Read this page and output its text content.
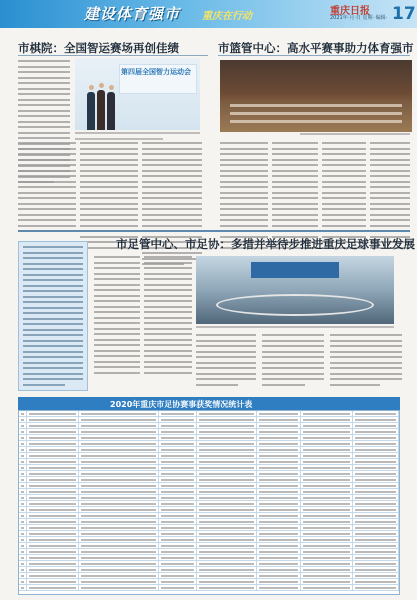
建设体育强市 重庆在行动	重庆日报
2021年·月·日 星期· 编辑· 17
市棋院：全国智运赛场再创佳绩
第四届全国智力运动会
市篮管中心：高水平赛事助力体育强市
市足管中心、市足协：多措并举待步推进重庆足球事业发展
2020年重庆市足协赛事获奖情况统计表
